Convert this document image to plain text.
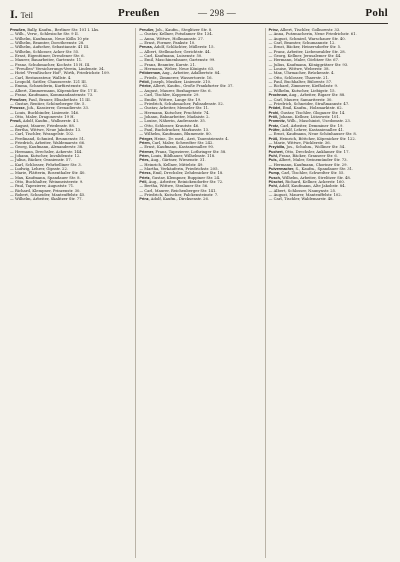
I. Teil	Preußen	— 298 —	Pohl

Preußen, Bally, Kaufm., Berliner Str. 101 I. Lks.

— Wilh., Verw., Schlesische Str. 9 II.

— Wilhelm, Kaufmann, Neue Kölln 10 ptr.

— Wilhelm, Beamter, Dorotheenstr. 28.

— Wilhelm, Aufseher, Sebastianstr. 41 III.

— Wilhelm, Schlosser, Acker Str. 55.

— Ernst, Eigentümer, Dresdener Str. 6.

— Maurer, Bauarbeiter, Gartenstr. 11.

— Franz, Schuhmacher, Kochstr. 15 H. III.

— "Preußen" Versicherungs-Verein, Lindenstr. 34.

— Hotel "Preußischer Hof", Wirth, Friedrichstr. 109.

— Carl, Restaurateur, Wallstr. 4.

— Leopold, Sattler, Chausseestr. 121 III.

— Emma, Schneiderin, Kurfürstenstr. 62.

— Albert, Zimmermann, Köpenicker Str. 17 II.

— Franz, Kaufmann, Kommandantenstr. 73.

Preußner, Paul, Brauer, Elisabethstr. 11 III.

— Gustav, Rentier, Schöneberger Str. 5.

Preusse, Joh., Kassierer, Grenadierstr. 33.

— Louis, Buchbinder, Linienstr. 146.

— Otto, Maler, Dragonerstr. 19 H.

Preuß, Adolf, Kaufm., Wallnerstr. 4 I.

— August, Maurer, Friedenstr. 88.

— Bertha, Wittwe, Neue Jakobstr. 13.

— Carl, Tischler, Wrangelstr. 102.

— Ferdinand, Schmied, Brunnenstr. 51.

— Friedrich, Arbeiter, Waldemarstr. 66.

— Georg, Kaufmann, Alexanderstr. 38.

— Hermann, Drechsler, Ackerstr. 144.

— Johann, Kutscher, Invalidenstr. 12.

— Julius, Bäcker, Oranienstr. 57.

— Karl, Schlosser, Fehrbelliner Str. 3.

— Ludwig, Lehrer, Gipsstr. 22.

— Marie, Plätterin, Rosenthaler Str. 40.

— Max, Kaufmann, Spandauer Str. 8.

— Otto, Buchhalter, Weinmeisterstr. 9.

— Paul, Tapezierer, Auguststr. 71.

— Richard, Klempner, Prinzenstr. 30.

— Robert, Schneider, Manteuffelstr. 45.

— Wilhelm, Arbeiter, Skalitzer Str. 77.

Preußer, Joh., Kaufm., Steglitzer Str. 8.

— Gustav, Kellner, Potsdamer Str. 134.

— Anna, Wittwe, Hollmannstr. 27.

— Ernst, Former, Pankstr. 10.

Preuss, Adolf, Schlächter, Müllerstr. 15.

— Albert, Stellmacher, Gerichtstr. 44.

— Carl, Kaufmann, Luisenstr. 50.

— Emil, Maschinenbauer, Gartenstr. 99.

— Franz, Beamter, Kurstr. 21.

— Hermann, Weber, Neue Königstr. 63.

Pribbernow, Aug., Arbeiter, Adalbertstr. 84.

— Friedr., Zimmerer, Wassertorstr. 16.

Pribil, Joseph, Musiker, Linienstr. 210.

Priebe, Albert, Kaufm., Große Frankfurter Str. 37.

— August, Maurer, Boxhagener Str. 6.

— Carl, Tischler, Koppenstr. 29.

— Emilie, Wittwe, Lange Str. 19.

— Friedrich, Schuhmacher, Palisadenstr. 52.

— Gustav, Arbeiter, Memeler Str. 11.

— Hermann, Kutscher, Fruchtstr. 74.

— Johann, Bahnarbeiter, Madaistr. 2.

— Louise, Näherin, Andreasstr. 35.

— Otto, Schlosser, Krautstr. 46.

— Paul, Buchdrucker, Markusstr. 13.

— Wilhelm, Kaufmann, Blumenstr. 80.

Prieger, Heinr., Dr. med., Arzt, Tauentzienstr. 4.

Priem, Carl, Maler, Schwedter Str. 242.

— Ernst, Kaufmann, Kastanienallee 90.

Priemer, Franz, Tapezierer, Lothringer Str. 58.

Prien, Louis, Bildhauer, Wilhelmstr. 118.

Pries, Aug., Gärtner, Wiesenstr. 31.

— Heinrich, Kellner, Mittelstr. 49.

— Martha, Verkäuferin, Friedrichstr. 205.

Priess, Emil, Drechsler, Zehdenicker Str. 18.

Prietz, Gustav, Klempner, Ruppiner Str. 24.

Prill, Aug., Arbeiter, Reinickendorfer Str. 72.

— Bertha, Wittwe, Stralauer Str. 56.

— Carl, Maurer, Reichenberger Str. 141.

— Friedrich, Kutscher, Falckensteinstr. 7.

Prinz, Adolf, Kaufm., Dircksenstr. 26.

Prinz, Albert, Tischler, Gollnowstr. 33.

— Anna, Putzmacherin, Neue Friedrichstr. 61.

— August, Schmied, Warschauer Str. 40.

— Carl, Beamter, Schumannstr. 12.

— Ernst, Bäcker, Heinersdorfer Str. 5.

— Franz, Arbeiter, Liebenwalder Str. 28.

— Georg, Kellner, Jerusalemer Str. 44.

— Hermann, Maler, Görlitzer Str. 67.

— Julius, Kaufmann, Königgrätzer Str. 93.

— Louise, Wittwe, Weberstr. 38.

— Max, Uhrmacher, Brückenstr. 4.

— Otto, Schlosser, Thaerstr. 21.

— Paul, Buchhalter, Bülowstr. 57.

— Richard, Zimmerer, Kiefholzstr. 9.

— Wilhelm, Kutscher, Liebigstr. 15.

Prochnow, Aug., Arbeiter, Rigaer Str. 88.

— Carl, Maurer, Samariterstr. 30.

— Friedrich, Schneider, Straßmannstr. 47.

Prödel, Emil, Kaufm., Holzmarktstr. 62.

Prohl, Gustav, Tischler, Glogauer Str. 14.

Pröll, Johann, Kellner, Lützowstr. 101.

Promnitz, Wilh., Maschinist, Usedomstr. 23.

Protz, Carl, Arbeiter, Demminer Str. 19.

Prüfer, Adolf, Lehrer, Kastanienallee 41.

— Ernst, Kaufmann, Neue Schönhauser Str. 8.

Prüß, Heinrich, Böttcher, Köpenicker Str. 122.

— Marie, Wittwe, Pücklerstr. 36.

Przybilla, Jos., Schuhm., Wolliner Str. 54.

Puchert, Otto, Drechsler, Anklamer Str. 17.

Puhl, Franz, Bäcker, Granseer Str. 6.

Puls, Albert, Maler, Swinemünder Str. 73.

— Hermann, Kaufmann, Choriner Str. 29.

Pulvermacher, S., Kaufm., Spandauer Str. 31.

Pump, Carl, Tischler, Schwedter Str. 55.

Pusch, Wilhelm, Arbeiter, Strelitzer Str. 48.

Püschel, Richard, Kellner, Ackerstr. 160.

Pohl, Adolf, Kaufmann, Alte Jakobstr. 84.

— Albert, Schlosser, Naunynstr. 25.

— August, Maurer, Manteuffelstr. 102.

— Carl, Tischler, Waldemarstr. 48.
